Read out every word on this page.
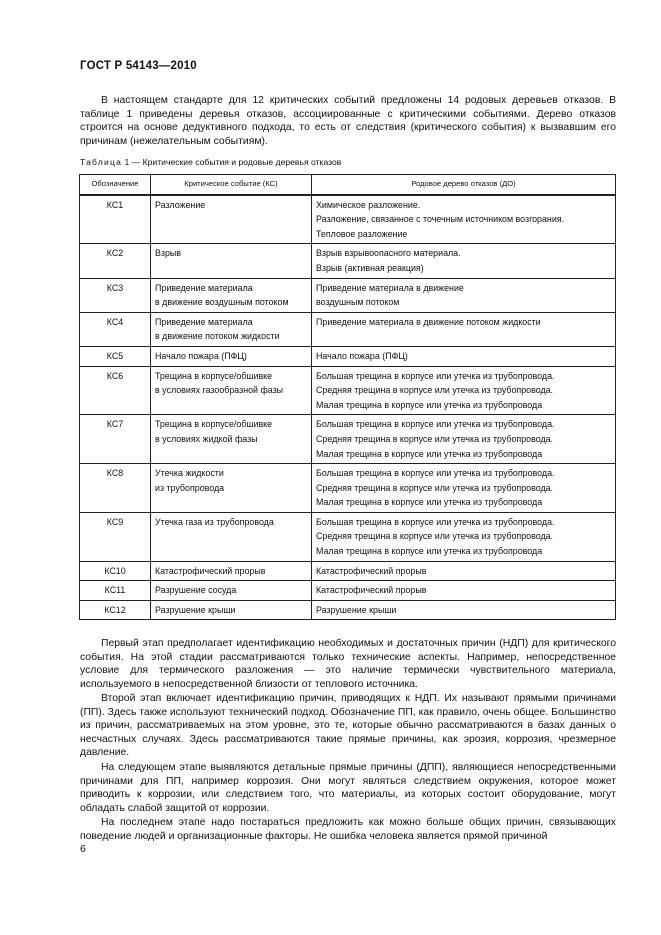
ГОСТ Р 54143—2010

В настоящем стандарте для 12 критических событий предложены 14 родовых деревьев отказов. В таблице 1 приведены деревья отказов, ассоциированные с критическими событиями. Дерево отказов строится на основе дедуктивного подхода, то есть от следствия (критического события) к вызвавшим его причинам (нежелательным событиям).

Таблица 1 — Критические события и родовые деревья отказов
Обозначение	Критическое событие (КС)	Родовое дерево отказов (ДО)
КС1	Разложение	Химическое разложение.
Разложение, связанное с точечным источником возгорания.
Тепловое разложение

КС2	Взрыв	Взрыв взрывоопасного материала.
Взрыв (активная реакция)

КС3	Приведение материала
в движение воздушным потоком	Приведение материала в движение
воздушным потоком

КС4	Приведение материала
в движение потоком жидкости	Приведение материала в движение потоком жидкости

КС5	Начало пожара (ПФЦ)	Начало пожара (ПФЦ)

КС6	Трещина в корпусе/обшивке
в условиях газообразной фазы	Большая трещина в корпусе или утечка из трубопровода.
Средняя трещина в корпусе или утечка из трубопровода.
Малая трещина в корпусе или утечка из трубопровода

КС7	Трещина в корпусе/обшивке
в условиях жидкой фазы	Большая трещина в корпусе или утечка из трубопровода.
Средняя трещина в корпусе или утечка из трубопровода.
Малая трещина в корпусе или утечка из трубопровода

КС8	Утечка жидкости
из трубопровода	Большая трещина в корпусе или утечка из трубопровода.
Средняя трещина в корпусе или утечка из трубопровода.
Малая трещина в корпусе или утечка из трубопровода

КС9	Утечка газа из трубопровода	Большая трещина в корпусе или утечка из трубопровода.
Средняя трещина в корпусе или утечка из трубопровода.
Малая трещина в корпусе или утечка из трубопровода

КС10	Катастрофический прорыв	Катастрофический прорыв

КС11	Разрушение сосуда	Катастрофический прорыв

КС12	Разрушение крыши	Разрушение крыши

Первый этап предполагает идентификацию необходимых и достаточных причин (НДП) для критического события. На этой стадии рассматриваются только технические аспекты. Например, непосредственное условие для термического разложения — это наличие термически чувствительного материала, используемого в непосредственной близости от теплового источника.

Второй этап включает идентификацию причин, приводящих к НДП. Их называют прямыми причинами (ПП). Здесь также используют технический подход. Обозначение ПП, как правило, очень общее. Большинство из причин, рассматриваемых на этом уровне, это те, которые обычно рассматриваются в базах данных о несчастных случаях. Здесь рассматриваются такие прямые причины, как эрозия, коррозия, чрезмерное давление.

На следующем этапе выявляются детальные прямые причины (ДПП), являющиеся непосредственными причинами для ПП, например коррозия. Они могут являться следствием окружения, которое может приводить к коррозии, или следствием того, что материалы, из которых состоит оборудование, могут обладать слабой защитой от коррозии.

На последнем этапе надо постараться предложить как можно больше общих причин, связывающих поведение людей и организационные факторы. Не ошибка человека является прямой причиной

6
